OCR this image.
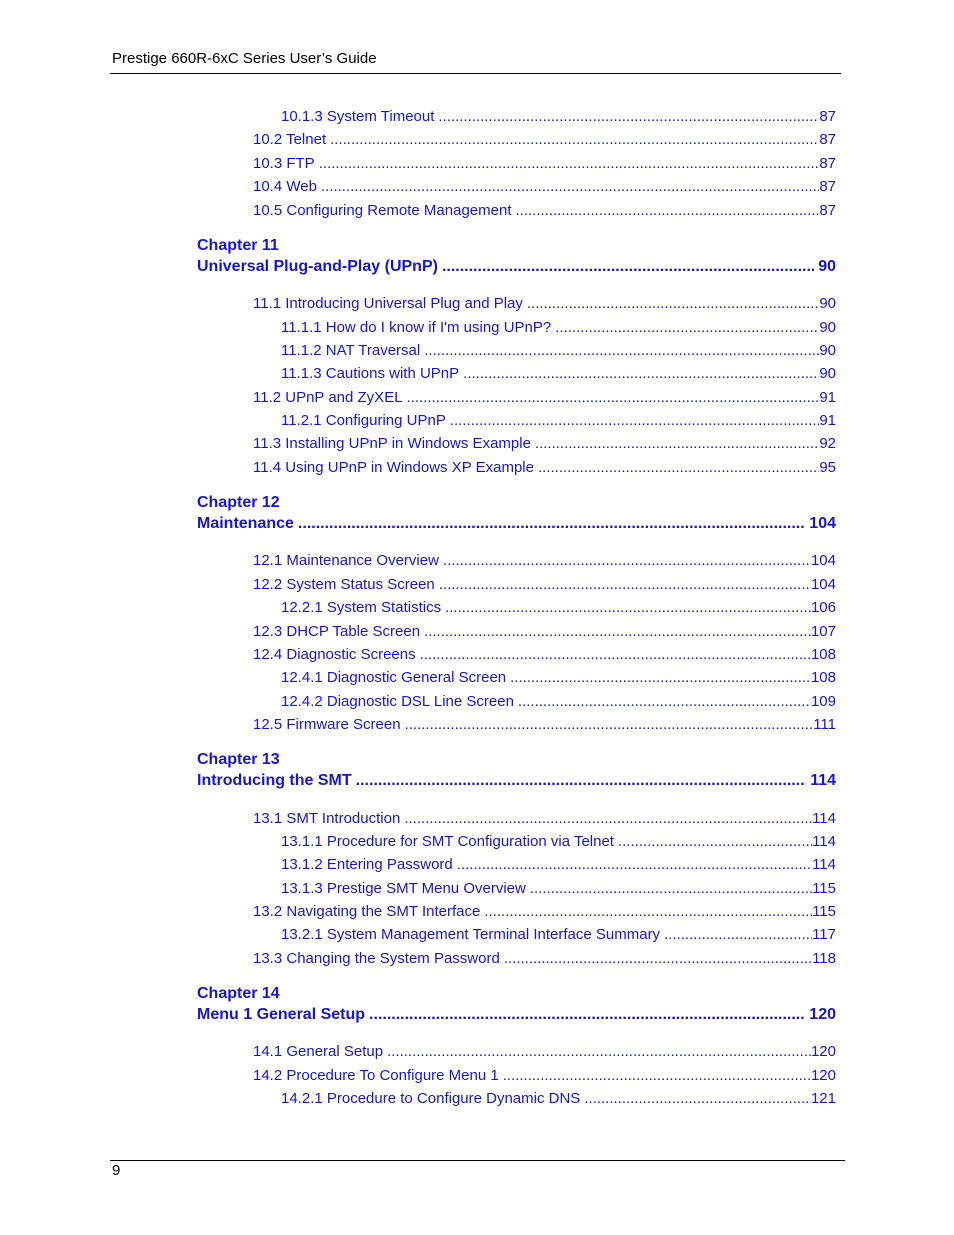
Prestige 660R-6xC Series User’s Guide
10.1.3 System Timeout .....	87
10.2 Telnet .....	87
10.3 FTP .....	87
10.4 Web .....	87
10.5 Configuring Remote Management .....	87
Chapter 11
Universal Plug-and-Play (UPnP) .....	90
11.1 Introducing Universal Plug and Play .....	90
11.1.1 How do I know if I'm using UPnP? .....	90
11.1.2 NAT Traversal .....	90
11.1.3 Cautions with UPnP .....	90
11.2 UPnP and ZyXEL .....	91
11.2.1 Configuring UPnP .....	91
11.3 Installing UPnP in Windows Example .....	92
11.4 Using UPnP in Windows XP Example .....	95
Chapter 12
Maintenance .....	104
12.1 Maintenance Overview .....	104
12.2 System Status Screen .....	104
12.2.1 System Statistics .....	106
12.3 DHCP Table Screen .....	107
12.4 Diagnostic Screens .....	108
12.4.1 Diagnostic General Screen .....	108
12.4.2 Diagnostic DSL Line Screen .....	109
12.5 Firmware Screen .....	111
Chapter 13
Introducing the SMT .....	114
13.1 SMT Introduction .....	114
13.1.1 Procedure for SMT Configuration via Telnet .....	114
13.1.2 Entering Password .....	114
13.1.3 Prestige SMT Menu Overview .....	115
13.2 Navigating the SMT Interface .....	115
13.2.1 System Management Terminal Interface Summary .....	117
13.3 Changing the System Password .....	118
Chapter 14
Menu 1 General Setup .....	120
14.1 General Setup .....	120
14.2 Procedure To Configure Menu 1 .....	120
14.2.1 Procedure to Configure Dynamic DNS .....	121
9
